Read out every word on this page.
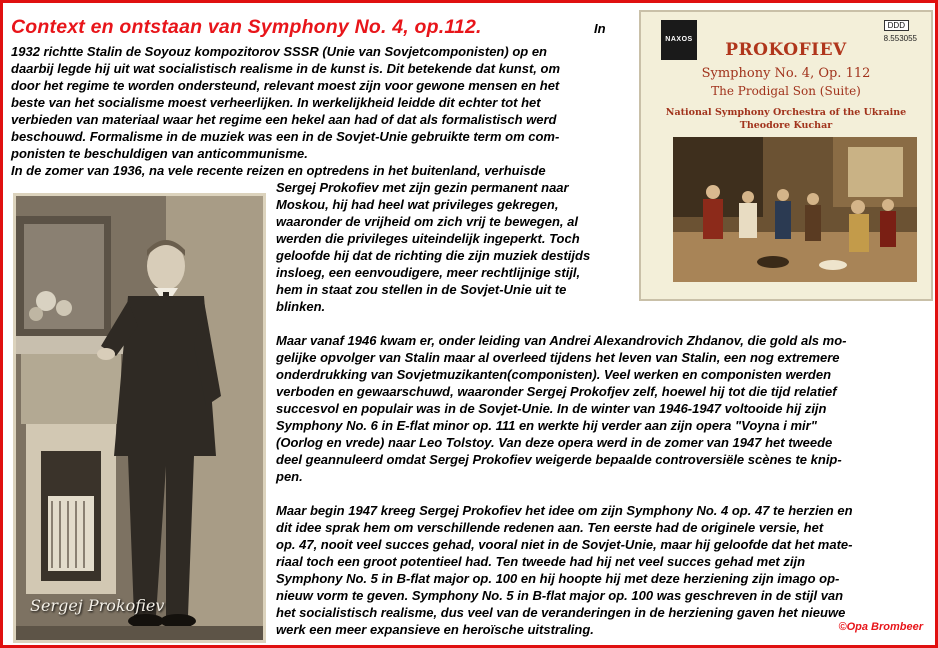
Context en ontstaan van Symphony No. 4, op.112.	In
1932 richtte Stalin de Soyouz kompozitorov SSSR (Unie van Sovjetcomponisten) op en
daarbij legde hij uit wat socialistisch realisme in de kunst is. Dit betekende dat kunst, om
door het regime te worden ondersteund, relevant moest zijn voor gewone mensen en het
beste van het socialisme moest verheerlijken. In werkelijkheid leidde dit echter tot het
verbieden van materiaal waar het regime een hekel aan had of dat als formalistisch werd
beschouwd. Formalisme in de muziek was een in de Sovjet-Unie gebruikte term om com-
ponisten te beschuldigen van anticommunisme.
In de zomer van 1936, na vele recente reizen en optredens in het buitenland, verhuisde
Sergej Prokofiev met zijn gezin permanent naar
Moskou, hij had heel wat privileges gekregen,
waaronder de vrijheid om zich vrij te bewegen, al
werden die privileges uiteindelijk ingeperkt. Toch
geloofde hij dat de richting die zijn muziek destijds
insloeg, een eenvoudigere, meer rechtlijnige stijl,
hem in staat zou stellen in de Sovjet-Unie uit te
blinken.
Maar vanaf 1946 kwam er, onder leiding van Andrei Alexandrovich Zhdanov, die gold als mo-
gelijke opvolger van Stalin maar al overleed tijdens het leven van Stalin, een nog extremere
onderdrukking van Sovjetmuzikanten(componisten). Veel werken en componisten werden
verboden en gewaarschuwd, waaronder Sergej Prokofjev zelf, hoewel hij tot die tijd relatief
succesvol en populair was in de Sovjet-Unie. In de winter van 1946-1947 voltooide hij zijn
Symphony No. 6 in E-flat minor op. 111 en werkte hij verder aan zijn opera "Voyna i mir"
(Oorlog en vrede) naar Leo Tolstoy. Van deze opera werd in de zomer van 1947 het tweede
deel geannuleerd omdat Sergej Prokofiev weigerde bepaalde controversiële scènes te knip-
pen.
Maar begin 1947 kreeg Sergej Prokofiev het idee om zijn Symphony No. 4 op. 47 te herzien en
dit idee sprak hem om verschillende redenen aan. Ten eerste had de originele versie, het
op. 47, nooit veel succes gehad, vooral niet in de Sovjet-Unie, maar hij geloofde dat het mate-
riaal toch een groot potentieel had. Ten tweede had hij net veel succes gehad met zijn
Symphony No. 5 in B-flat major op. 100 en hij hoopte hij met deze herziening zijn imago op-
nieuw vorm te geven. Symphony No. 5 in B-flat major op. 100 was geschreven in de stijl van
het socialistisch realisme, dus veel van de veranderingen in de herziening gaven het nieuwe
werk een meer expansieve en heroïsche uitstraling.
Sergej Prokofiev
NAXOS
DDD
8.553055
PROKOFIEV
Symphony No. 4, Op. 112
The Prodigal Son (Suite)
National Symphony Orchestra of the Ukraine
Theodore Kuchar
©Opa Brombeer
